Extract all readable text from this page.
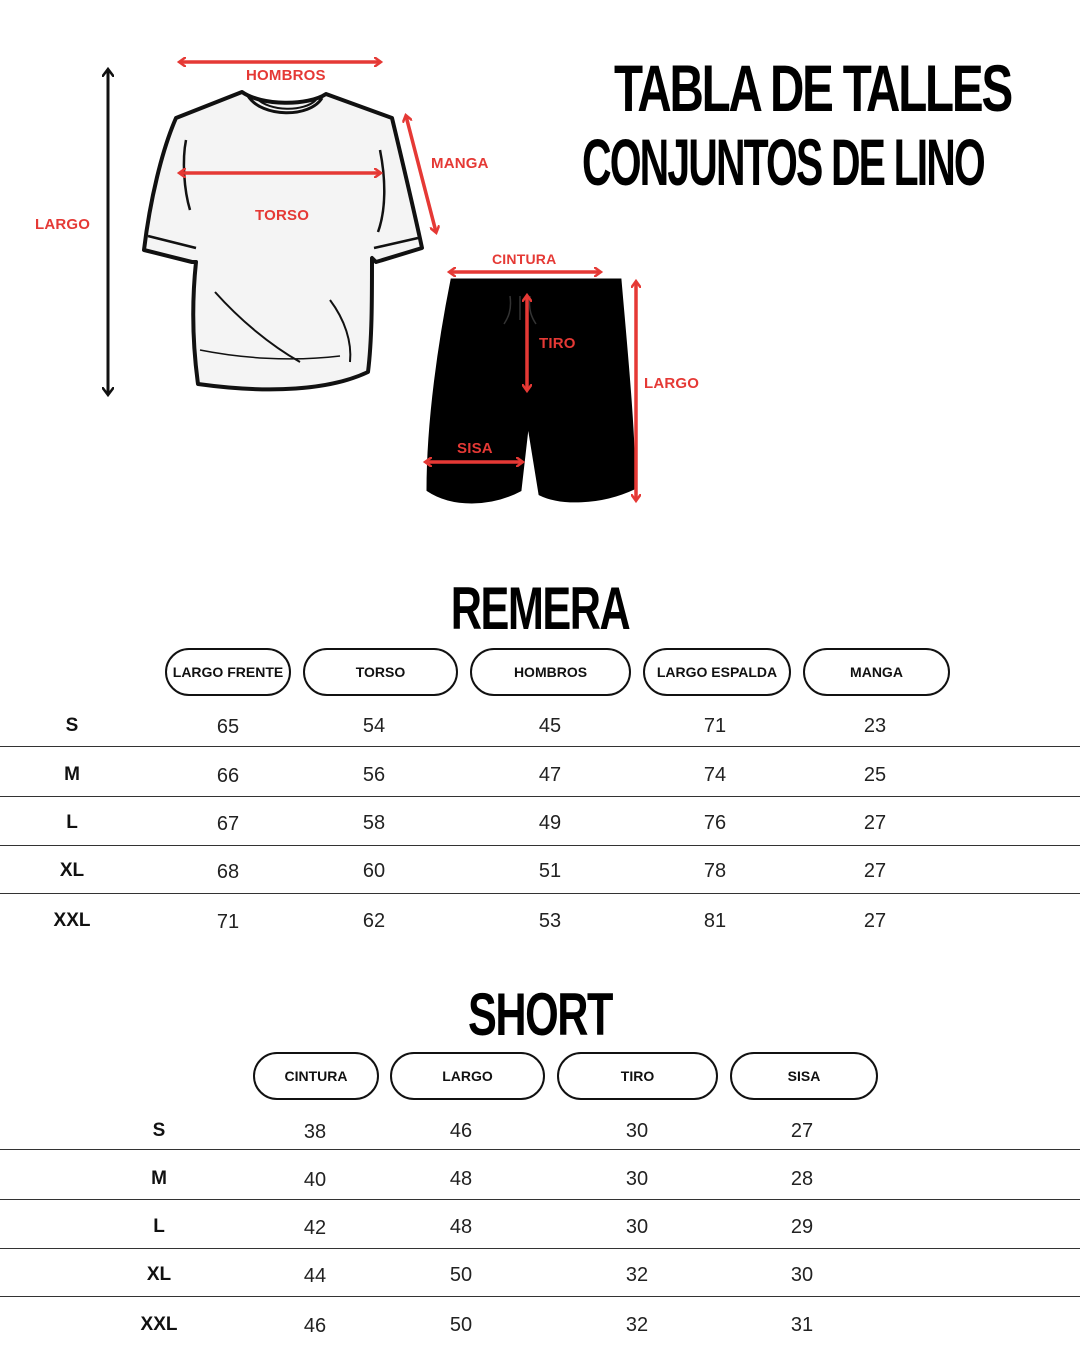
TABLA DE TALLES
CONJUNTOS DE LINO
HOMBROS
MANGA
TORSO
LARGO
CINTURA
TIRO
LARGO
SISA
REMERA
LARGO FRENTE	TORSO	HOMBROS	LARGO ESPALDA	MANGA
S	65	54	45	71	23
M	66	56	47	74	25
L	67	58	49	76	27
XL	68	60	51	78	27
XXL	71	62	53	81	27
SHORT
CINTURA	LARGO	TIRO	SISA
S	38	46	30	27
M	40	48	30	28
L	42	48	30	29
XL	44	50	32	30
XXL	46	50	32	31
